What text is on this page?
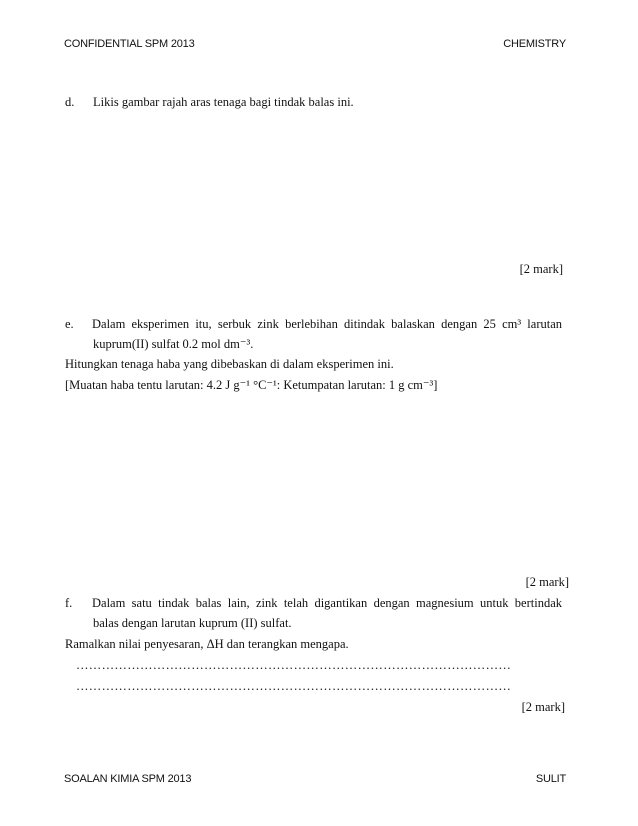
CONFIDENTIAL SPM 2013	CHEMISTRY
d. Likis gambar rajah aras tenaga bagi tindak balas ini.
[2 mark]
e. Dalam eksperimen itu, serbuk zink berlebihan ditindak balaskan dengan 25 cm³ larutan
kuprum(II) sulfat 0.2 mol dm⁻³.
Hitungkan tenaga haba yang dibebaskan di dalam eksperimen ini.
[Muatan haba tentu larutan: 4.2 J g⁻¹ °C⁻¹: Ketumpatan larutan: 1 g cm⁻³]
[2 mark]
f. Dalam satu tindak balas lain, zink telah digantikan dengan magnesium untuk bertindak
balas dengan larutan kuprum (II) sulfat.
Ramalkan nilai penyesaran, ΔH dan terangkan mengapa.
…………………………………………………………………………………………
…………………………………………………………………………………………
[2 mark]
SOALAN KIMIA SPM 2013	SULIT
